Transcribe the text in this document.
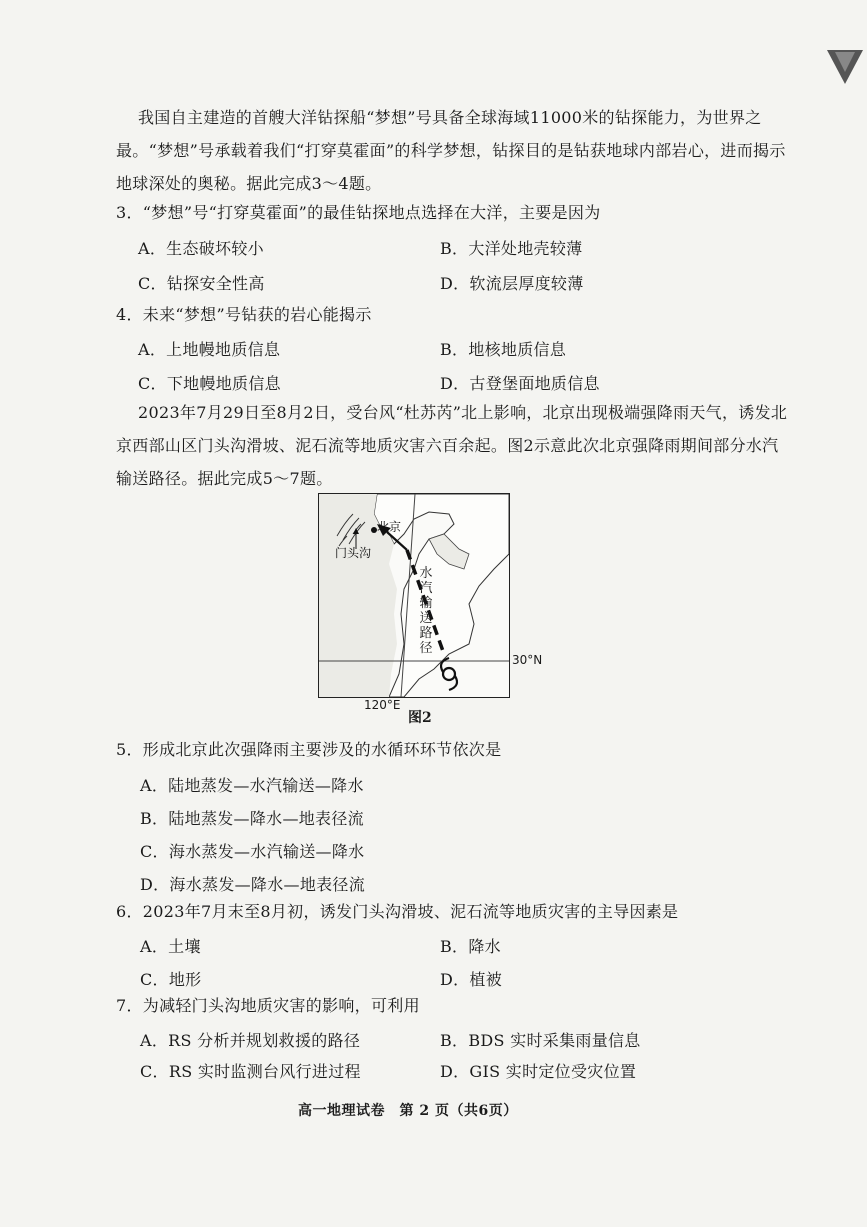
我国自主建造的首艘大洋钻探船“梦想”号具备全球海域11000米的钻探能力，为世界之最。“梦想”号承载着我们“打穿莫霍面”的科学梦想，钻探目的是钻获地球内部岩心，进而揭示地球深处的奥秘。据此完成3～4题。
3．“梦想”号“打穿莫霍面”的最佳钻探地点选择在大洋，主要是因为
A．生态破坏较小	B．大洋处地壳较薄
C．钻探安全性高	D．软流层厚度较薄
4．未来“梦想”号钻获的岩心能揭示
A．上地幔地质信息	B．地核地质信息
C．下地幔地质信息	D．古登堡面地质信息
2023年7月29日至8月2日，受台风“杜苏芮”北上影响，北京出现极端强降雨天气，诱发北京西部山区门头沟滑坡、泥石流等地质灾害六百余起。图2示意此次北京强降雨期间部分水汽输送路径。据此完成5～7题。
北京
门头沟
水汽输送路径
30°N
120°E
图2
5．形成北京此次强降雨主要涉及的水循环环节依次是
A．陆地蒸发—水汽输送—降水
B．陆地蒸发—降水—地表径流
C．海水蒸发—水汽输送—降水
D．海水蒸发—降水—地表径流
6．2023年7月末至8月初，诱发门头沟滑坡、泥石流等地质灾害的主导因素是
A．土壤	B．降水
C．地形	D．植被
7．为减轻门头沟地质灾害的影响，可利用
A．RS 分析并规划救援的路径	B．BDS 实时采集雨量信息
C．RS 实时监测台风行进过程	D．GIS 实时定位受灾位置
高一地理试卷　第 2 页（共6页）
